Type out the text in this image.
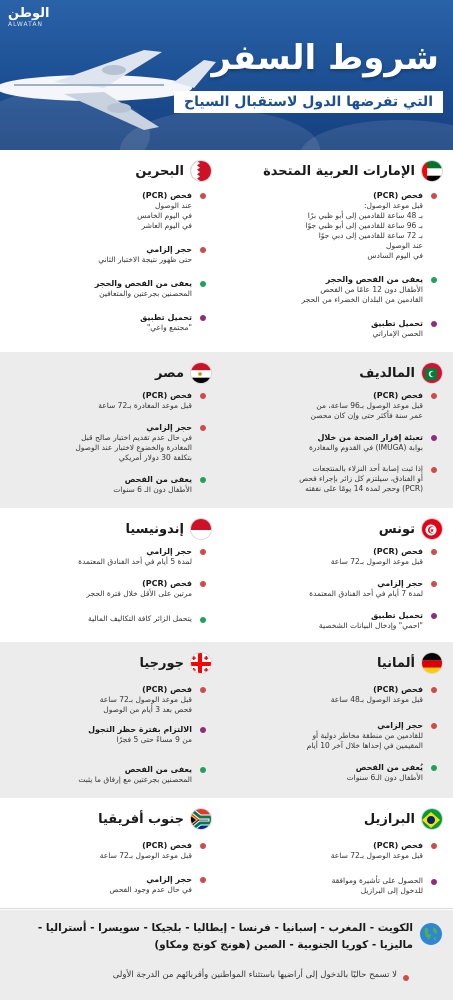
الوطن
ALWATAN
شروط السفر
التي تفرضها الدول لاستقبال السياح
الإمارات العربية المتحدة
فحص (PCR)
قبل موعد الوصول:
بـ 48 ساعة للقادمين إلى أبو ظبي برًا
بـ 96 ساعة للقادمين إلى أبو ظبي جوًا
بـ 72 ساعة للقادمين إلى دبي جوًا
عند الوصول
في اليوم السادس
يعفى من الفحص والحجر
الأطفال دون 12 عامًا من الفحص
القادمين من البلدان الخضراء من الحجر
تحميل تطبيق
الحصن الإماراتي
البحرين
فحص (PCR)
عند الوصول
في اليوم الخامس
في اليوم العاشر
حجر إلزامي
حتى ظهور نتيجة الاختبار الثاني
يعفى من الفحص والحجر
المحصنين بجرعتين والمتعافين
تحميل تطبيق
"مجتمع واعي"
المالديف
فحص (PCR)
قبل موعد الوصول بـ96 ساعة، من
عمر سنة فأكثر حتى وإن كان محصن
تعبئة إقرار الصحة من خلال
بوابة (IMUGA) في القدوم والمغادرة
إذا ثبت إصابة أحد النزلاء بالمنتجعات
أو الفنادق، سيلتزم كل زائر بإجراء فحص
(PCR) وحجر لمدة 14 يومًا على نفقته
مصر
فحص (PCR)
قبل موعد المغادرة بـ72 ساعة
حجر إلزامي
في حال عدم تقديم اختبار صالح قبل
المغادرة والخضوع لاختبار عند الوصول
بتكلفة 30 دولار أمريكي
يعفى من الفحص
الأطفال دون الـ 6 سنوات
تونس
فحص (PCR)
قبل موعد الوصول بـ72 ساعة
حجر إلزامي
لمدة 7 أيام في أحد الفنادق المعتمدة
تحميل تطبيق
"احمي" وإدخال البيانات الشخصية
إندونيسيا
حجر إلزامي
لمدة 5 أيام في أحد الفنادق المعتمدة
فحص (PCR)
مرتين على الأقل خلال فترة الحجر
يتحمل الزائر كافة التكاليف المالية
ألمانيا
فحص (PCR)
قبل موعد الوصول بـ48 ساعة
حجر إلزامي
للقادمين من منطقة مخاطر دولية أو
المقيمين في إحداها خلال آخر 10 أيام
يُعفى من الفحص
الأطفال دون الـ6 سنوات
جورجيا
فحص (PCR)
قبل موعد الوصول بـ72 ساعة
فحص بعد 3 أيام من الوصول
الالتزام بفترة حظر التجول
من 9 مساءً حتى 5 فجرًا
يعفى من الفحص
المحصنين بجرعتين مع إرفاق ما يثبت
البرازيل
فحص (PCR)
قبل موعد الوصول بـ72 ساعة
الحصول على تأشيرة وموافقة
للدخول إلى البرازيل
جنوب أفريقيا
فحص (PCR)
قبل موعد الوصول بـ72 ساعة
حجر إلزامي
في حال عدم وجود الفحص
الكويت - المغرب - إسبانيا - فرنسا - إيطاليا - بلجيكا - سويسرا - أستراليا - ماليزيا - كوريا الجنوبية - الصين (هونج كونج ومكاو)
لا تسمح حاليًا بالدخول إلى أراضيها باستثناء المواطنين وأقربائهم من الدرجة الأولى
